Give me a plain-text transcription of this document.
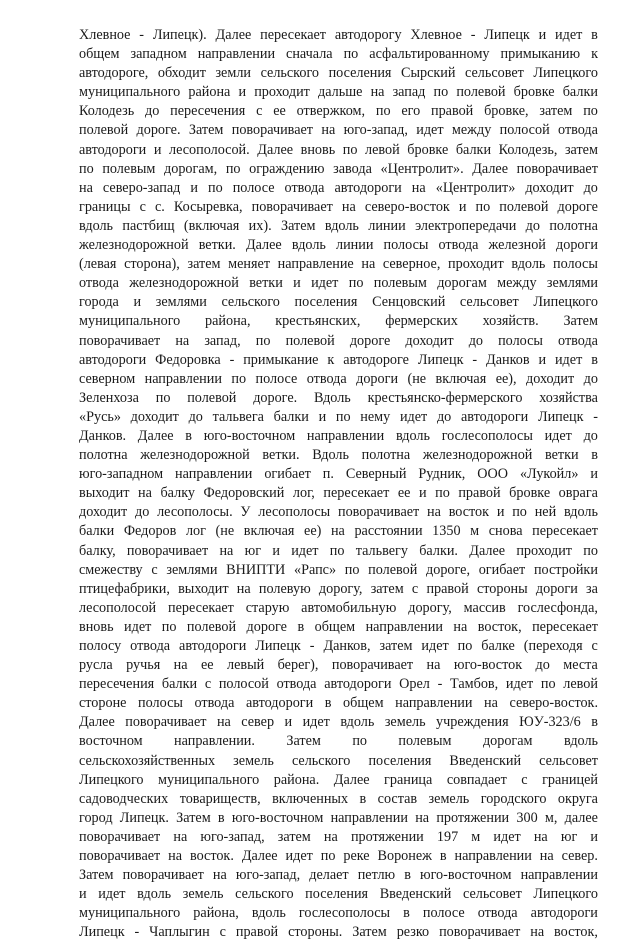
Хлевное - Липецк). Далее пересекает автодорогу Хлевное - Липецк и идет в
общем западном направлении сначала по асфальтированному примыканию к
автодороге, обходит земли сельского поселения Сырский сельсовет Липецкого
муниципального района и проходит дальше на запад по полевой бровке балки
Колодезь до пересечения с ее отвержком, по его правой бровке, затем по
полевой дороге. Затем поворачивает на юго-запад, идет между полосой отвода
автодороги и лесополосой. Далее вновь по левой бровке балки Колодезь, затем
по полевым дорогам, по ограждению завода «Центролит». Далее поворачивает
на северо-запад и по полосе отвода автодороги на «Центролит» доходит до
границы с с. Косыревка, поворачивает на северо-восток и по полевой дороге
вдоль пастбищ (включая их). Затем вдоль линии электропередачи до полотна
железнодорожной ветки. Далее вдоль линии полосы отвода железной дороги
(левая сторона), затем меняет направление на северное, проходит вдоль полосы
отвода железнодорожной ветки и идет по полевым дорогам между землями
города и землями сельского поселения Сенцовский сельсовет Липецкого
муниципального района, крестьянских, фермерских хозяйств. Затем
поворачивает на запад, по полевой дороге доходит до полосы отвода
автодороги Федоровка - примыкание к автодороге Липецк - Данков и идет в
северном направлении по полосе отвода дороги (не включая ее), доходит до
Зеленхоза по полевой дороге. Вдоль крестьянско-фермерского хозяйства
«Русь» доходит до тальвега балки и по нему идет до автодороги Липецк -
Данков. Далее в юго-восточном направлении вдоль гослесополосы идет до
полотна железнодорожной ветки. Вдоль полотна железнодорожной ветки в
юго-западном направлении огибает п. Северный Рудник, ООО «Лукойл» и
выходит на балку Федоровский лог, пересекает ее и по правой бровке оврага
доходит до лесополосы. У лесополосы поворачивает на восток и по ней вдоль
балки Федоров лог (не включая ее) на расстоянии 1350 м снова пересекает
балку, поворачивает на юг и идет по тальвегу балки. Далее проходит по
смежеству с землями ВНИПТИ «Рапс» по полевой дороге, огибает постройки
птицефабрики, выходит на полевую дорогу, затем с правой стороны дороги за
лесополосой пересекает старую автомобильную дорогу, массив гослесфонда,
вновь идет по полевой дороге в общем направлении на восток, пересекает
полосу отвода автодороги Липецк - Данков, затем идет по балке (переходя с
русла ручья на ее левый берег), поворачивает на юго-восток до места
пересечения балки с полосой отвода автодороги Орел - Тамбов, идет по левой
стороне полосы отвода автодороги в общем направлении на северо-восток.
Далее поворачивает на север и идет вдоль земель учреждения ЮУ-323/6 в
восточном направлении. Затем по полевым дорогам вдоль
сельскохозяйственных земель сельского поселения Введенский сельсовет
Липецкого муниципального района. Далее граница совпадает с границей
садоводческих товариществ, включенных в состав земель городского округа
город Липецк. Затем в юго-восточном направлении на протяжении 300 м, далее
поворачивает на юго-запад, затем на протяжении 197 м идет на юг и
поворачивает на восток. Далее идет по реке Воронеж в направлении на север.
Затем поворачивает на юго-запад, делает петлю в юго-восточном направлении
и идет вдоль земель сельского поселения Введенский сельсовет Липецкого
муниципального района, вдоль гослесополосы в полосе отвода автодороги
Липецк - Чаплыгин с правой стороны. Затем резко поворачивает на восток,
